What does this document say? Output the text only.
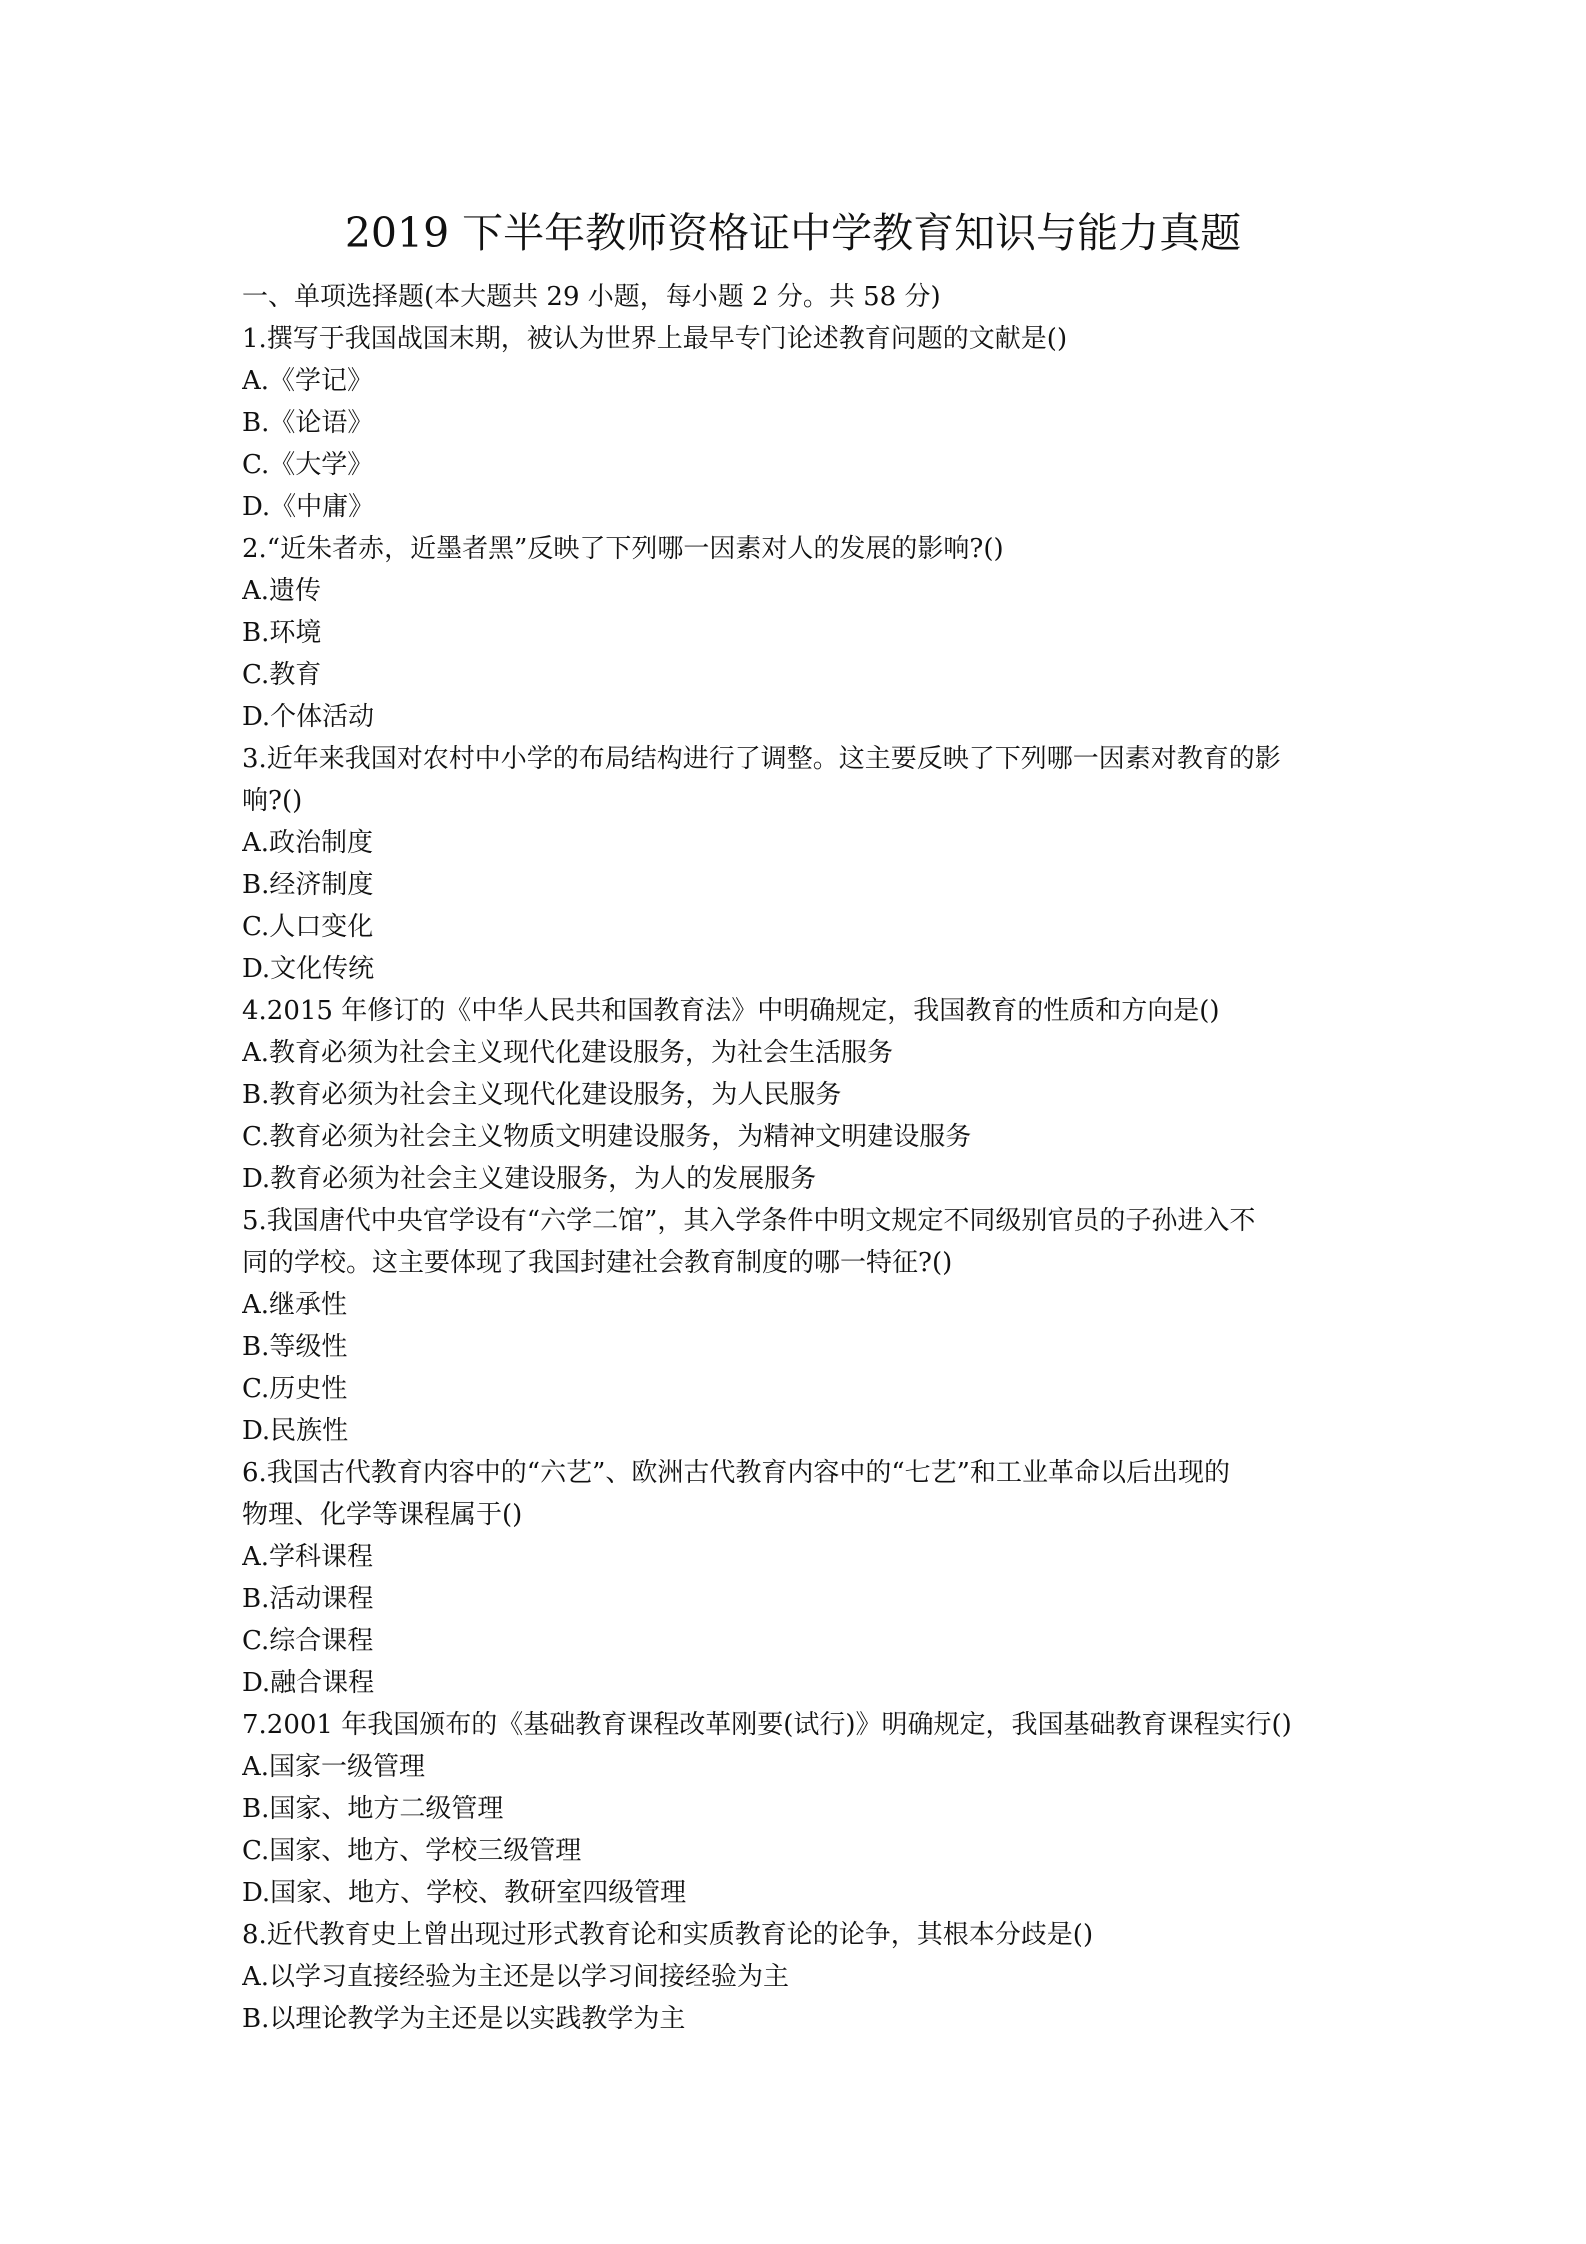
2019 下半年教师资格证中学教育知识与能力真题
一、单项选择题(本大题共 29 小题，每小题 2 分。共 58 分)
1.撰写于我国战国末期，被认为世界上最早专门论述教育问题的文献是()
A.《学记》
B.《论语》
C.《大学》
D.《中庸》
2.“近朱者赤，近墨者黑”反映了下列哪一因素对人的发展的影响?()
A.遗传
B.环境
C.教育
D.个体活动
3.近年来我国对农村中小学的布局结构进行了调整。这主要反映了下列哪一因素对教育的影
响?()
A.政治制度
B.经济制度
C.人口变化
D.文化传统
4.2015 年修订的《中华人民共和国教育法》中明确规定，我国教育的性质和方向是()
A.教育必须为社会主义现代化建设服务，为社会生活服务
B.教育必须为社会主义现代化建设服务，为人民服务
C.教育必须为社会主义物质文明建设服务，为精神文明建设服务
D.教育必须为社会主义建设服务，为人的发展服务
5.我国唐代中央官学设有“六学二馆”，其入学条件中明文规定不同级别官员的子孙进入不
同的学校。这主要体现了我国封建社会教育制度的哪一特征?()
A.继承性
B.等级性
C.历史性
D.民族性
6.我国古代教育内容中的“六艺”、欧洲古代教育内容中的“七艺”和工业革命以后出现的
物理、化学等课程属于()
A.学科课程
B.活动课程
C.综合课程
D.融合课程
7.2001 年我国颁布的《基础教育课程改革刚要(试行)》明确规定，我国基础教育课程实行()
A.国家一级管理
B.国家、地方二级管理
C.国家、地方、学校三级管理
D.国家、地方、学校、教研室四级管理
8.近代教育史上曾出现过形式教育论和实质教育论的论争，其根本分歧是()
A.以学习直接经验为主还是以学习间接经验为主
B.以理论教学为主还是以实践教学为主
